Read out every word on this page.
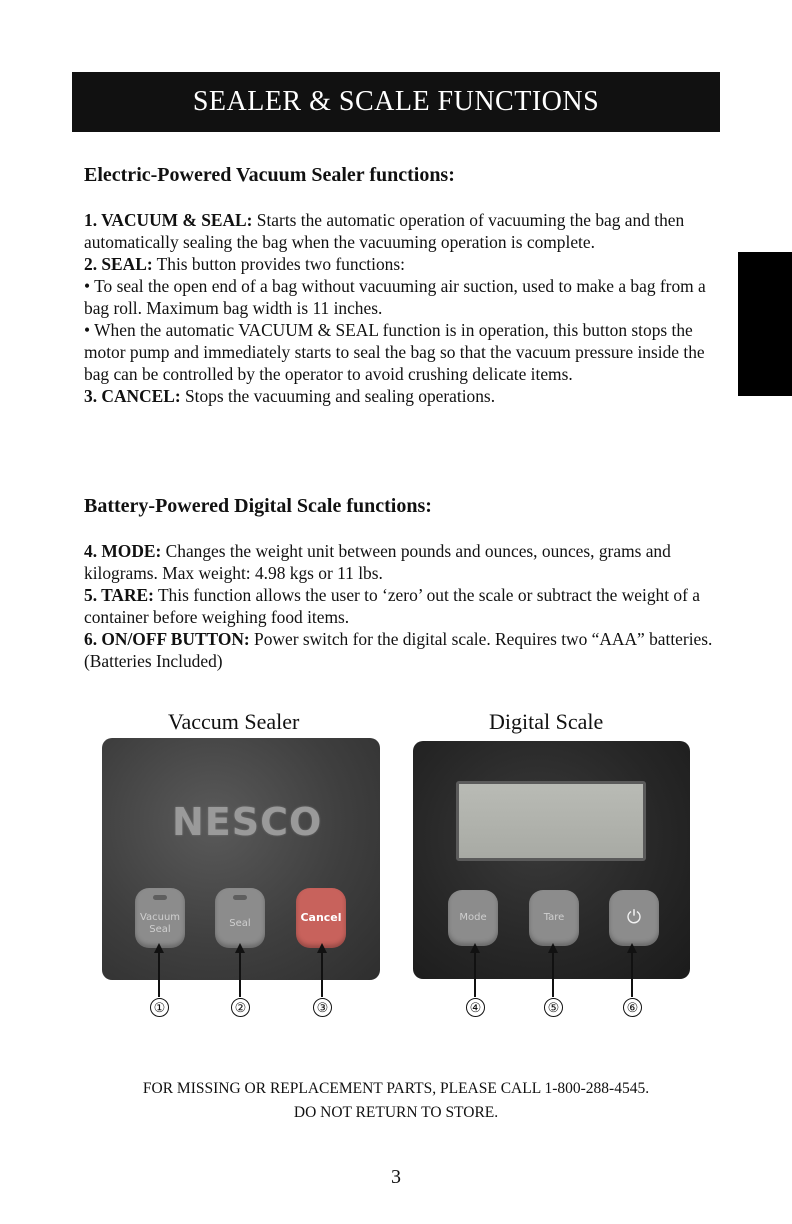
SEALER & SCALE FUNCTIONS
Electric-Powered Vacuum Sealer functions:

1. VACUUM & SEAL: Starts the automatic operation of vacuuming the bag and then automatically sealing the bag when the vacuuming operation is complete.

2. SEAL: This button provides two functions:

• To seal the open end of a bag without vacuuming air suction, used to make a bag from a bag roll. Maximum bag width is 11 inches.

• When the automatic VACUUM & SEAL function is in operation, this button stops the motor pump and immediately starts to seal the bag so that the vacuum pressure inside the bag can be controlled by the operator to avoid crushing delicate items.

3. CANCEL: Stops the vacuuming and sealing operations.

Battery-Powered Digital Scale functions:

4. MODE: Changes the weight unit between pounds and ounces, ounces, grams and kilograms. Max weight: 4.98 kgs or 11 lbs.

5. TARE: This function allows the user to ‘zero’ out the scale or subtract the weight of a container before weighing food items.

6. ON/OFF BUTTON: Power switch for the digital scale. Requires two “AAA” batteries. (Batteries Included)

Vaccum Sealer	Digital Scale
NESCO
Vacuum
Seal
Seal	Cancel	Mode	Tare	⏻
①	②	③	④	⑤	⑥
FOR MISSING OR REPLACEMENT PARTS, PLEASE CALL 1-800-288-4545.
DO NOT RETURN TO STORE.
3
